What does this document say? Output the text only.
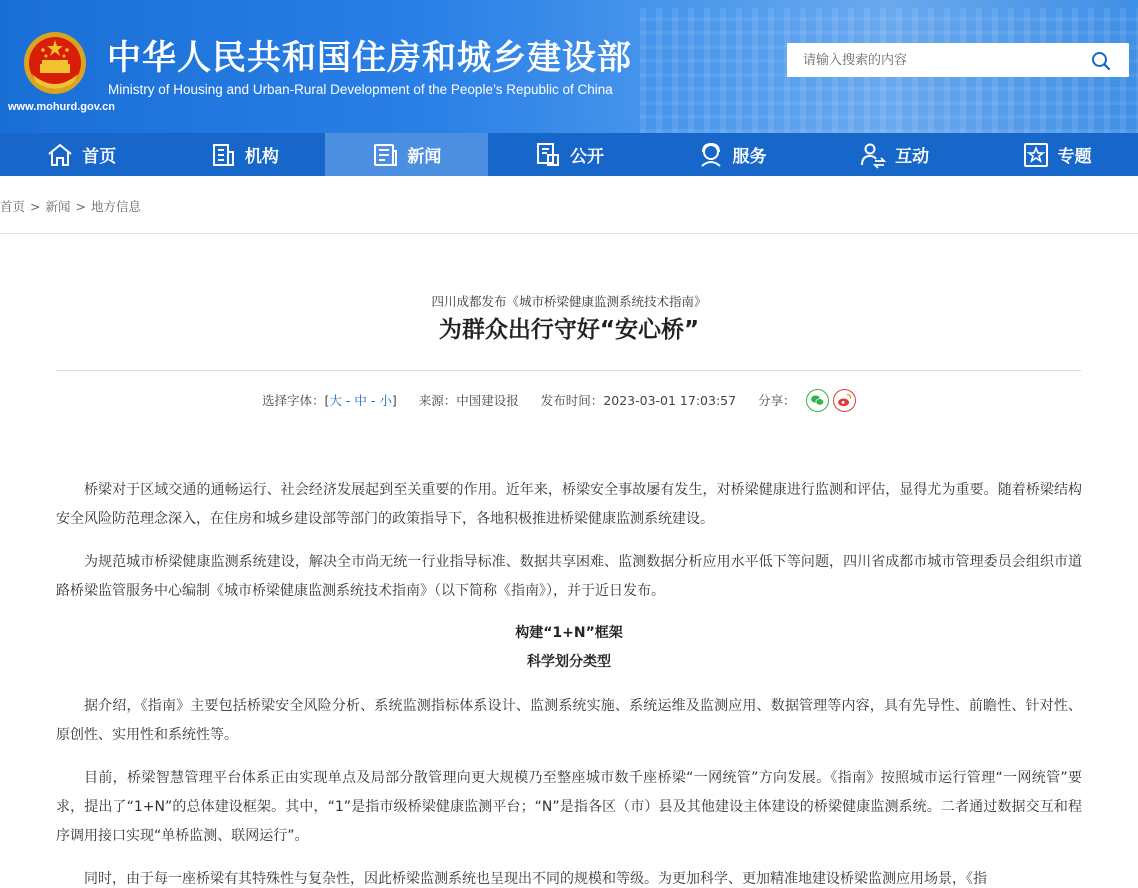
www.mohurd.gov.cn
中华人民共和国住房和城乡建设部
Ministry of Housing and Urban-Rural Development of the People’s Republic of China
请输入搜索的内容
首页	机构	新闻	公开	服务	互动	专题
首页 > 新闻 > 地方信息
四川成都发布《城市桥梁健康监测系统技术指南》
为群众出行守好“安心桥”
选择字体：[大 - 中 - 小] 来源： 中国建设报 发布时间： 2023-03-01 17:03:57 分享：

桥梁对于区域交通的通畅运行、社会经济发展起到至关重要的作用。近年来，桥梁安全事故屡有发生，对桥梁健康进行监测和评估，显得尤为重要。随着桥梁结构安全风险防范理念深入，在住房和城乡建设部等部门的政策指导下，各地积极推进桥梁健康监测系统建设。

为规范城市桥梁健康监测系统建设，解决全市尚无统一行业指导标准、数据共享困难、监测数据分析应用水平低下等问题，四川省成都市城市管理委员会组织市道路桥梁监管服务中心编制《城市桥梁健康监测系统技术指南》（以下简称《指南》），并于近日发布。

构建“1+N”框架
科学划分类型

据介绍，《指南》主要包括桥梁安全风险分析、系统监测指标体系设计、监测系统实施、系统运维及监测应用、数据管理等内容，具有先导性、前瞻性、针对性、原创性、实用性和系统性等。

目前，桥梁智慧管理平台体系正由实现单点及局部分散管理向更大规模乃至整座城市数千座桥梁“一网统管”方向发展。《指南》按照城市运行管理“一网统管”要求，提出了“1+N”的总体建设框架。其中，“1”是指市级桥梁健康监测平台；“N”是指各区（市）县及其他建设主体建设的桥梁健康监测系统。二者通过数据交互和程序调用接口实现“单桥监测、联网运行”。

同时，由于每一座桥梁有其特殊性与复杂性，因此桥梁监测系统也呈现出不同的规模和等级。为更加科学、更加精准地建设桥梁监测应用场景，《指
